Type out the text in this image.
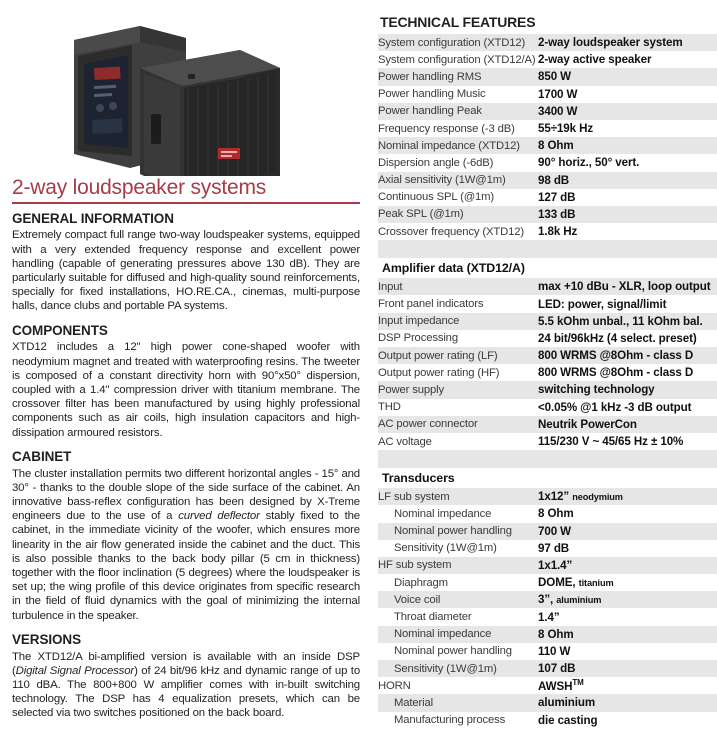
2-way loudspeaker systems
GENERAL INFORMATION

Extremely compact full range two-way loudspeaker systems, equipped with a very extended frequency response and excellent power handling (capable of generating pressures above 130 dB). They are particularly suitable for diffused and high-quality sound reinforcements, specially for fixed installations, HO.RE.CA., cinemas, multi-purpose halls, dance clubs and portable PA systems.

COMPONENTS

XTD12 includes a 12" high power cone-shaped woofer with neodymium magnet and treated with waterproofing resins. The tweeter is composed of a constant directivity horn with 90°x50° dispersion, coupled with a 1.4" compression driver with titanium membrane. The crossover filter has been manufactured by using highly professional components such as air coils, high insulation capacitors and high-dissipation armoured resistors.

CABINET

The cluster installation permits two different horizontal angles - 15° and 30° - thanks to the double slope of the side surface of the cabinet. An innovative bass-reflex configuration has been designed by X-Treme engineers due to the use of a curved deflector stably fixed to the cabinet, in the immediate vicinity of the woofer, which ensures more linearity in the air flow generated inside the cabinet and the duct. This is also possible thanks to the back body pillar (5 cm in thickness) together with the floor inclination (5 degrees) where the loudspeaker is set up; the wing profile of this device originates from specific research in the field of fluid dynamics with the goal of minimizing the internal turbulence in the speaker.

VERSIONS

The XTD12/A bi-amplified version is available with an inside DSP (Digital Signal Processor) of 24 bit/96 kHz and dynamic range of up to 110 dBA. The 800+800 W amplifier comes with in-built switching technology. The DSP has 4 equalization presets, which can be selected via two switches positioned on the back board.

TECHNICAL FEATURES
System configuration (XTD12)	2-way loudspeaker system
System configuration (XTD12/A)	2-way active speaker
Power handling RMS	850 W
Power handling Music	1700 W
Power handling Peak	3400 W
Frequency response (-3 dB)	55÷19k Hz
Nominal impedance (XTD12)	8 Ohm
Dispersion angle (-6dB)	90° horiz., 50° vert.
Axial sensitivity (1W@1m)	98 dB
Continuous SPL (@1m)	127 dB
Peak SPL (@1m)	133 dB
Crossover frequency (XTD12)	1.8k Hz

Amplifier data (XTD12/A)	
Input	max +10 dBu - XLR, loop output
Front panel indicators	LED: power, signal/limit
Input impedance	5.5 kOhm unbal., 11 kOhm bal.
DSP Processing	24 bit/96kHz (4 select. preset)
Output power rating (LF)	800 WRMS @8Ohm - class D
Output power rating (HF)	800 WRMS @8Ohm - class D
Power supply	switching technology
THD	<0.05% @1 kHz -3 dB output
AC power connector	Neutrik PowerCon
AC voltage	115/230 V ~ 45/65 Hz ± 10%

Transducers	
LF sub system	1x12” neodymium
Nominal impedance	8 Ohm
Nominal power handling	700 W
Sensitivity (1W@1m)	97 dB
HF sub system	1x1.4”
Diaphragm	DOME, titanium
Voice coil	3”, aluminium
Throat diameter	1.4”
Nominal impedance	8 Ohm
Nominal power handling	110 W
Sensitivity (1W@1m)	107 dB
HORN	AWSH™
Material	aluminium
Manufacturing process	die casting
